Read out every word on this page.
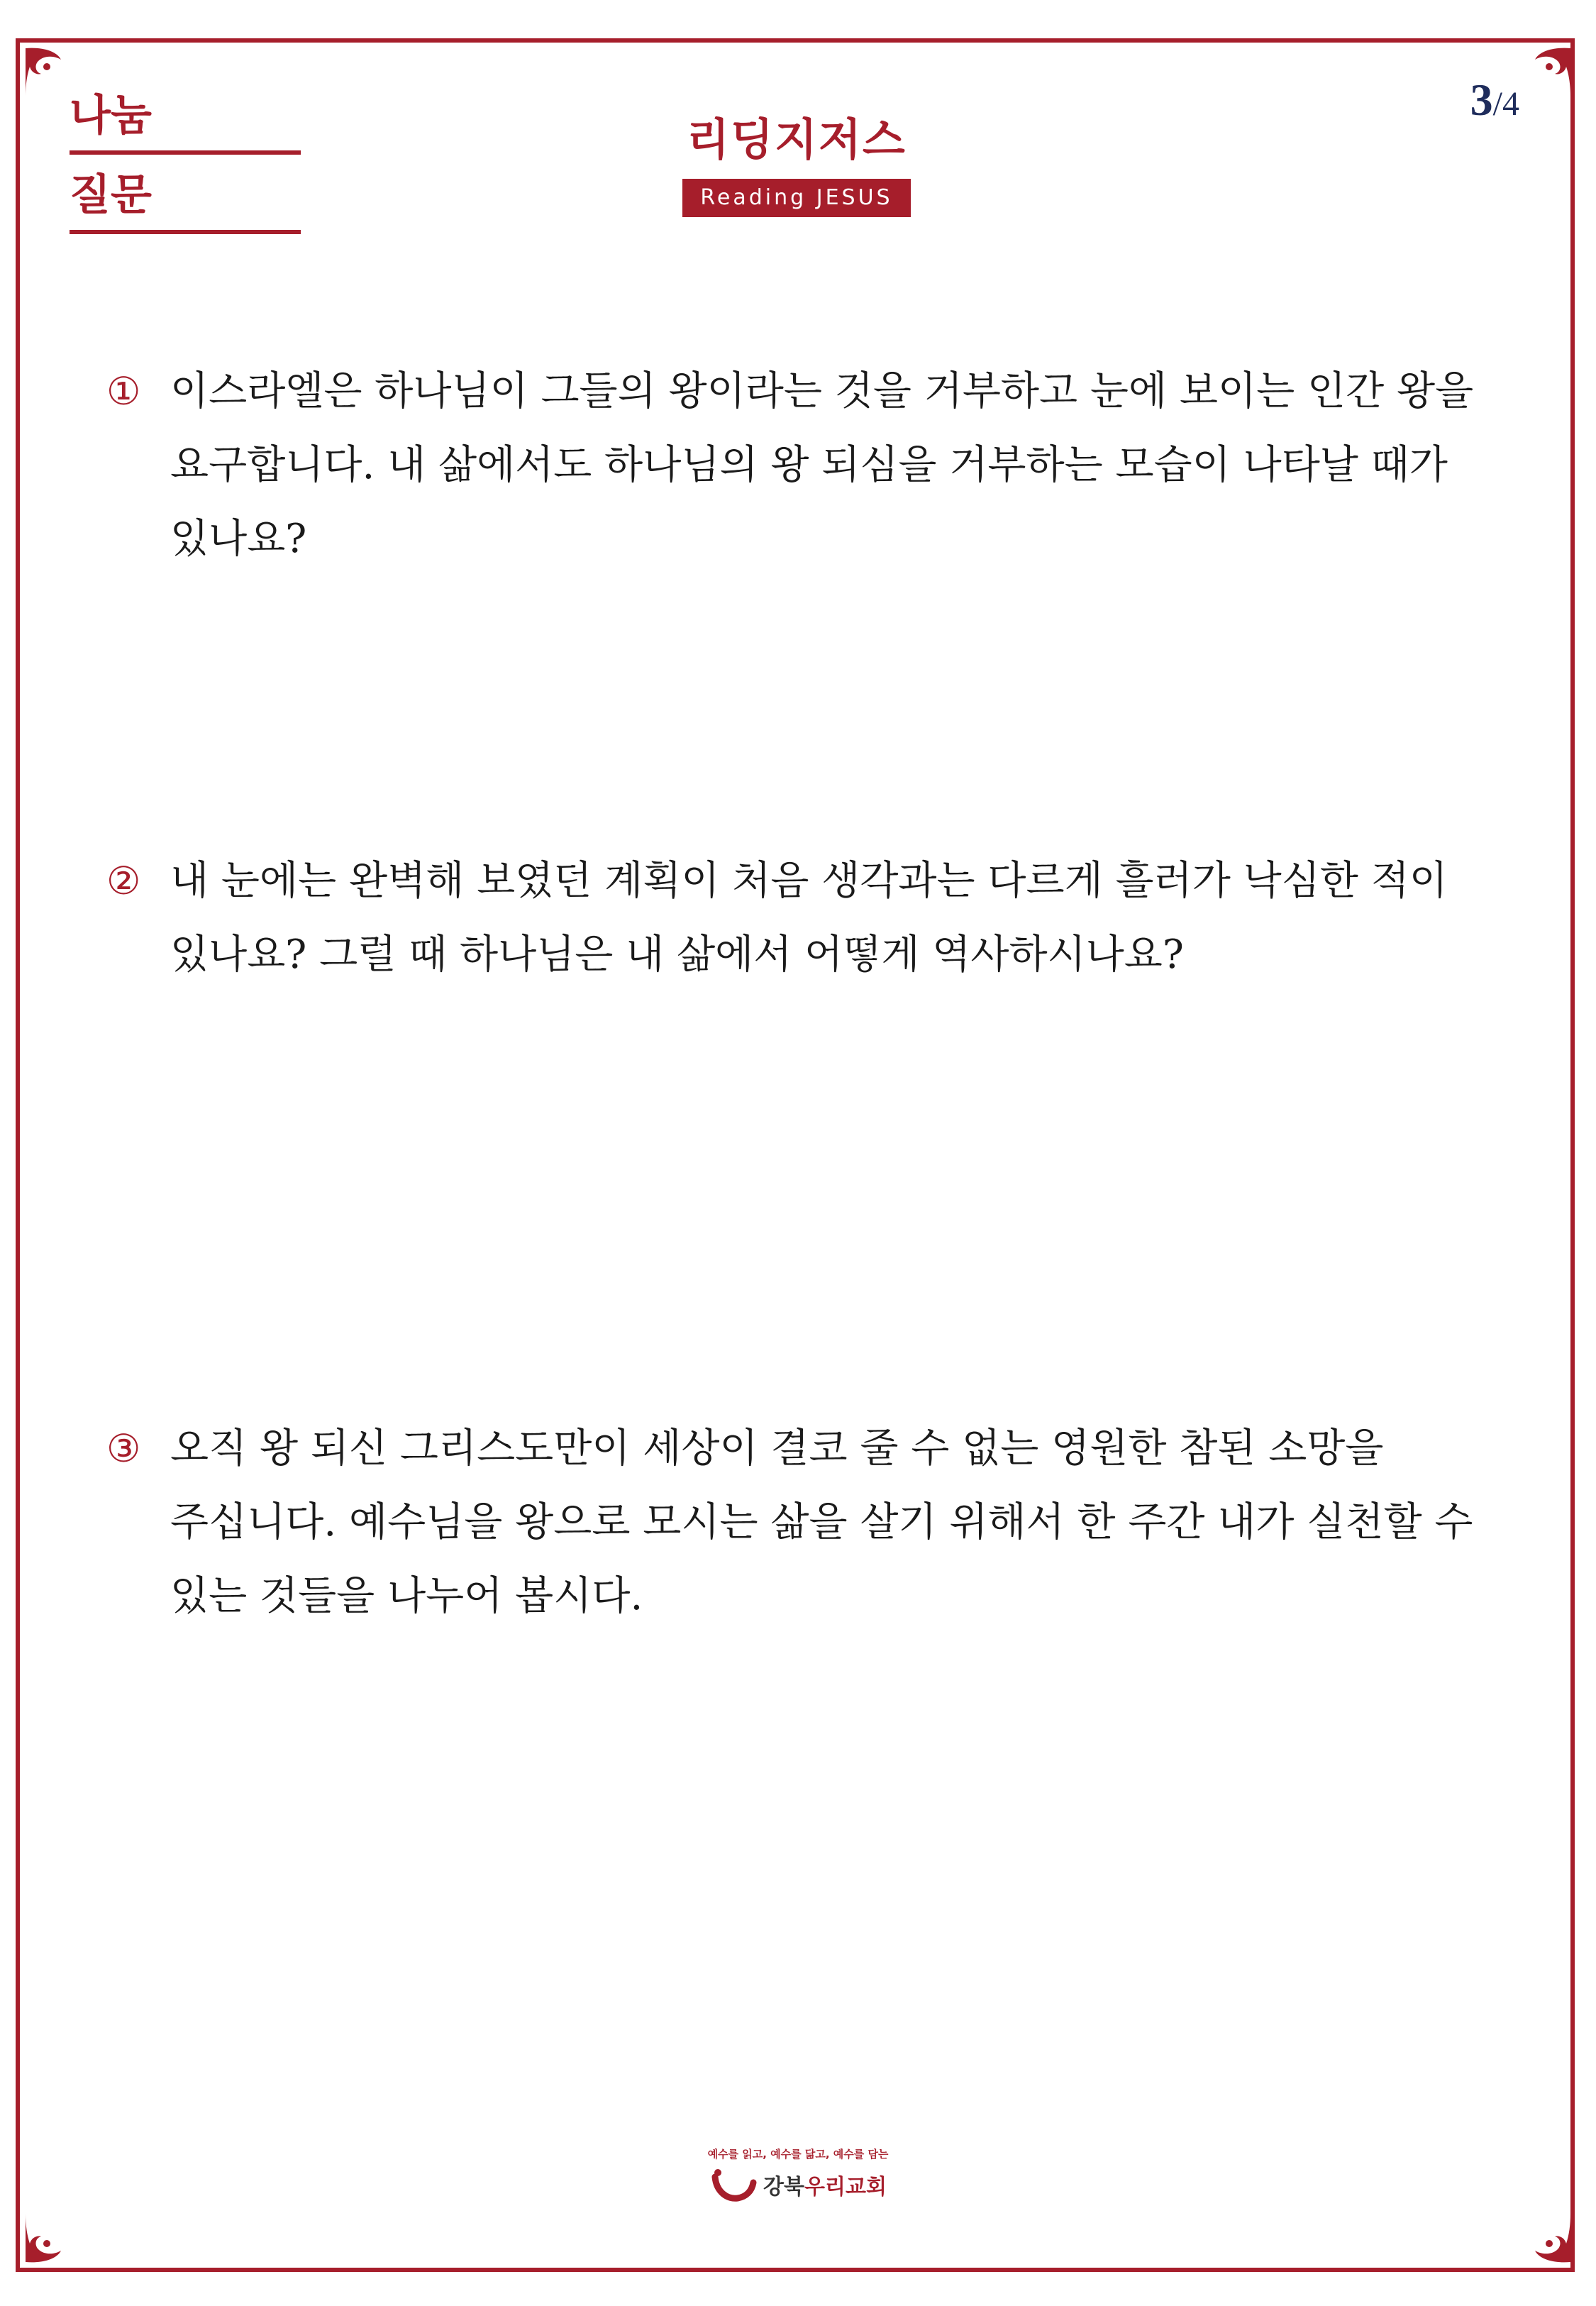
나눔
질문
리딩지저스
Reading JESUS
3/4
① 이스라엘은 하나님이 그들의 왕이라는 것을 거부하고 눈에 보이는 인간 왕을 요구합니다. 내 삶에서도 하나님의 왕 되심을 거부하는 모습이 나타날 때가 있나요?
② 내 눈에는 완벽해 보였던 계획이 처음 생각과는 다르게 흘러가 낙심한 적이 있나요? 그럴 때 하나님은 내 삶에서 어떻게 역사하시나요?
③ 오직 왕 되신 그리스도만이 세상이 결코 줄 수 없는 영원한 참된 소망을 주십니다. 예수님을 왕으로 모시는 삶을 살기 위해서 한 주간 내가 실천할 수 있는 것들을 나누어 봅시다.
예수를 읽고, 예수를 닮고, 예수를 담는
강북우리교회
